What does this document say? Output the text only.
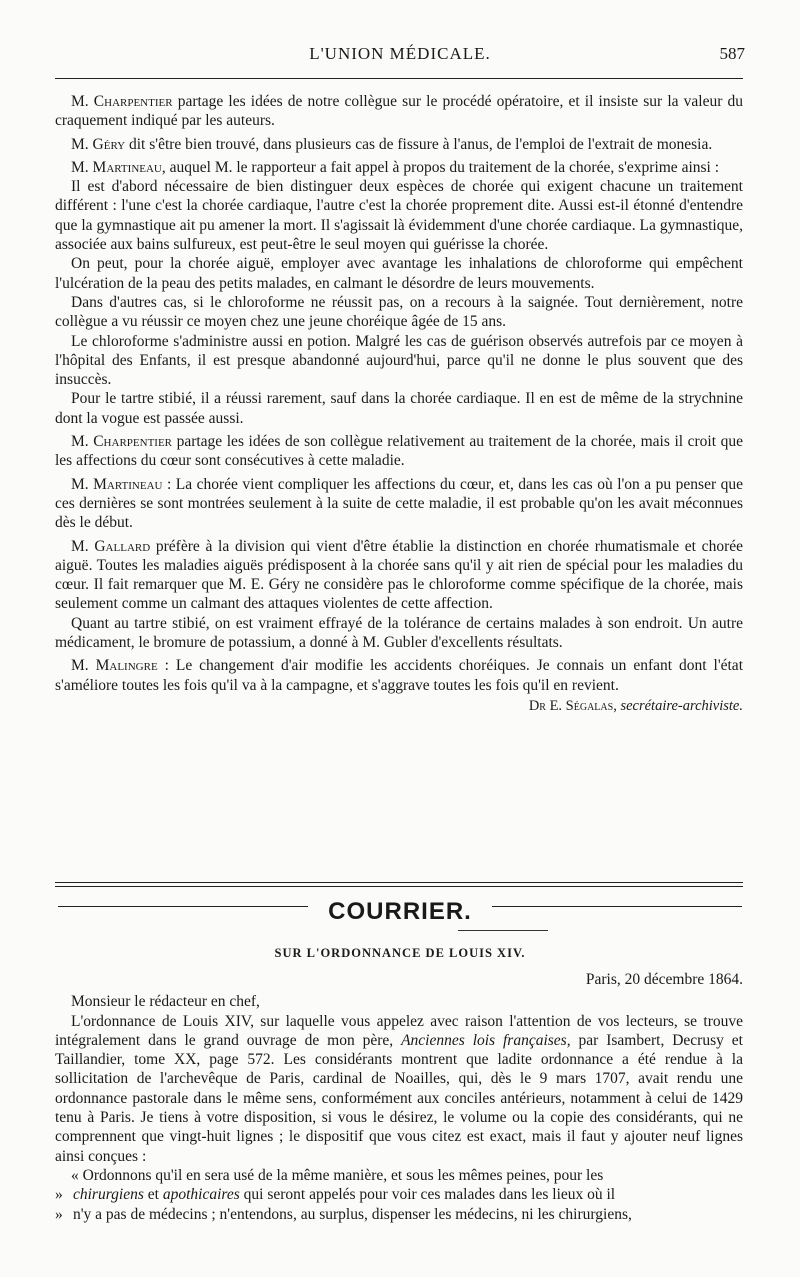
L'UNION MÉDICALE.	587

M. Charpentier partage les idées de notre collègue sur le procédé opératoire, et il insiste sur la valeur du craquement indiqué par les auteurs.

M. Géry dit s'être bien trouvé, dans plusieurs cas de fissure à l'anus, de l'emploi de l'extrait de monesia.

M. Martineau, auquel M. le rapporteur a fait appel à propos du traitement de la chorée, s'exprime ainsi :

Il est d'abord nécessaire de bien distinguer deux espèces de chorée qui exigent chacune un traitement différent : l'une c'est la chorée cardiaque, l'autre c'est la chorée proprement dite. Aussi est-il étonné d'entendre que la gymnastique ait pu amener la mort. Il s'agissait là évidemment d'une chorée cardiaque. La gymnastique, associée aux bains sulfureux, est peut-être le seul moyen qui guérisse la chorée.

On peut, pour la chorée aiguë, employer avec avantage les inhalations de chloroforme qui empêchent l'ulcération de la peau des petits malades, en calmant le désordre de leurs mouvements.

Dans d'autres cas, si le chloroforme ne réussit pas, on a recours à la saignée. Tout dernièrement, notre collègue a vu réussir ce moyen chez une jeune choréique âgée de 15 ans.

Le chloroforme s'administre aussi en potion. Malgré les cas de guérison observés autrefois par ce moyen à l'hôpital des Enfants, il est presque abandonné aujourd'hui, parce qu'il ne donne le plus souvent que des insuccès.

Pour le tartre stibié, il a réussi rarement, sauf dans la chorée cardiaque. Il en est de même de la strychnine dont la vogue est passée aussi.

M. Charpentier partage les idées de son collègue relativement au traitement de la chorée, mais il croit que les affections du cœur sont consécutives à cette maladie.

M. Martineau : La chorée vient compliquer les affections du cœur, et, dans les cas où l'on a pu penser que ces dernières se sont montrées seulement à la suite de cette maladie, il est probable qu'on les avait méconnues dès le début.

M. Gallard préfère à la division qui vient d'être établie la distinction en chorée rhumatismale et chorée aiguë. Toutes les maladies aiguës prédisposent à la chorée sans qu'il y ait rien de spécial pour les maladies du cœur. Il fait remarquer que M. E. Géry ne considère pas le chloroforme comme spécifique de la chorée, mais seulement comme un calmant des attaques violentes de cette affection.

Quant au tartre stibié, on est vraiment effrayé de la tolérance de certains malades à son endroit. Un autre médicament, le bromure de potassium, a donné à M. Gubler d'excellents résultats.

M. Malingre : Le changement d'air modifie les accidents choréiques. Je connais un enfant dont l'état s'améliore toutes les fois qu'il va à la campagne, et s'aggrave toutes les fois qu'il en revient.

Dr E. Ségalas, secrétaire-archiviste.
COURRIER.
SUR L'ORDONNANCE DE LOUIS XIV.
Paris, 20 décembre 1864.

Monsieur le rédacteur en chef,

L'ordonnance de Louis XIV, sur laquelle vous appelez avec raison l'attention de vos lecteurs, se trouve intégralement dans le grand ouvrage de mon père, Anciennes lois françaises, par Isambert, Decrusy et Taillandier, tome XX, page 572. Les considérants montrent que ladite ordonnance a été rendue à la sollicitation de l'archevêque de Paris, cardinal de Noailles, qui, dès le 9 mars 1707, avait rendu une ordonnance pastorale dans le même sens, conformément aux conciles antérieurs, notamment à celui de 1429 tenu à Paris. Je tiens à votre disposition, si vous le désirez, le volume ou la copie des considérants, qui ne comprennent que vingt-huit lignes ; le dispositif que vous citez est exact, mais il faut y ajouter neuf lignes ainsi conçues :

« Ordonnons qu'il en sera usé de la même manière, et sous les mêmes peines, pour les

» chirurgiens et apothicaires qui seront appelés pour voir ces malades dans les lieux où il

» n'y a pas de médecins ; n'entendons, au surplus, dispenser les médecins, ni les chirurgiens,
